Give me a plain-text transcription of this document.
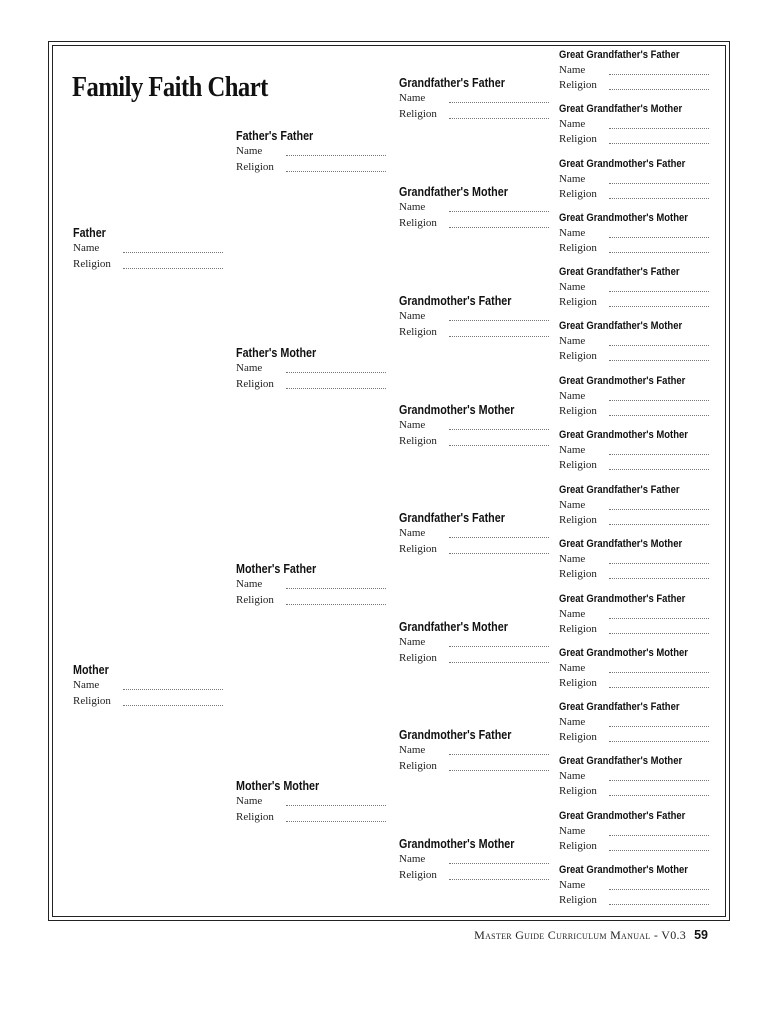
Family Faith Chart
Father
Name
Religion
Mother
Name
Religion
Father's Father
Name
Religion
Father's Mother
Name
Religion
Mother's Father
Name
Religion
Mother's Mother
Name
Religion
Grandfather's Father
Name
Religion
Grandfather's Mother
Name
Religion
Grandmother's Father
Name
Religion
Grandmother's Mother
Name
Religion
Grandfather's Father
Name
Religion
Grandfather's Mother
Name
Religion
Grandmother's Father
Name
Religion
Grandmother's Mother
Name
Religion
Great Grandfather's Father
Name
Religion
Great Grandfather's Mother
Name
Religion
Great Grandmother's Father
Name
Religion
Great Grandmother's Mother
Name
Religion
Great Grandfather's Father
Name
Religion
Great Grandfather's Mother
Name
Religion
Great Grandmother's Father
Name
Religion
Great Grandmother's Mother
Name
Religion
Great Grandfather's Father
Name
Religion
Great Grandfather's Mother
Name
Religion
Great Grandmother's Father
Name
Religion
Great Grandmother's Mother
Name
Religion
Great Grandfather's Father
Name
Religion
Great Grandfather's Mother
Name
Religion
Great Grandmother's Father
Name
Religion
Great Grandmother's Mother
Name
Religion
Master Guide Curriculum Manual - V0.3 59
